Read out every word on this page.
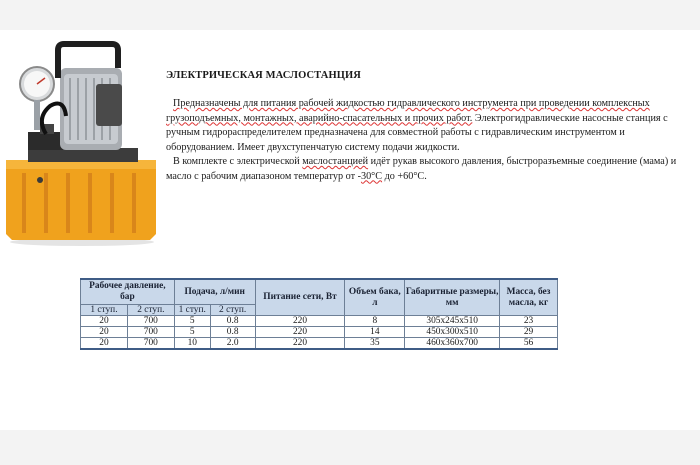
ЭЛЕКТРИЧЕСКАЯ МАСЛОСТАНЦИЯ

Предназначены для питания рабочей жидкостью гидравлического инструмента при проведении комплексных грузоподъемных, монтажных, аварийно-спасательных и прочих работ. Электрогидравлические насосные станция с ручным гидрораспределителем предназначена для совместной работы с гидравлическим инструментом и оборудованием. Имеет двухступенчатую систему подачи жидкости.

В комплекте с электрической маслостанцией идёт рукав высокого давления, быстроразъемные соединение (мама) и масло с рабочим диапазоном температур от -30°С до +60°С.

Рабочее давление, бар		Подача, л/мин		Питание сети, Вт	Объем бака, л	Габаритные размеры, мм	Масса, без масла, кг
1 ступ.	2 ступ.	1 ступ.	2 ступ.				
20	700	5	0.8	220	8	305x245x510	23
20	700	5	0.8	220	14	450x300x510	29
20	700	10	2.0	220	35	460x360x700	56
